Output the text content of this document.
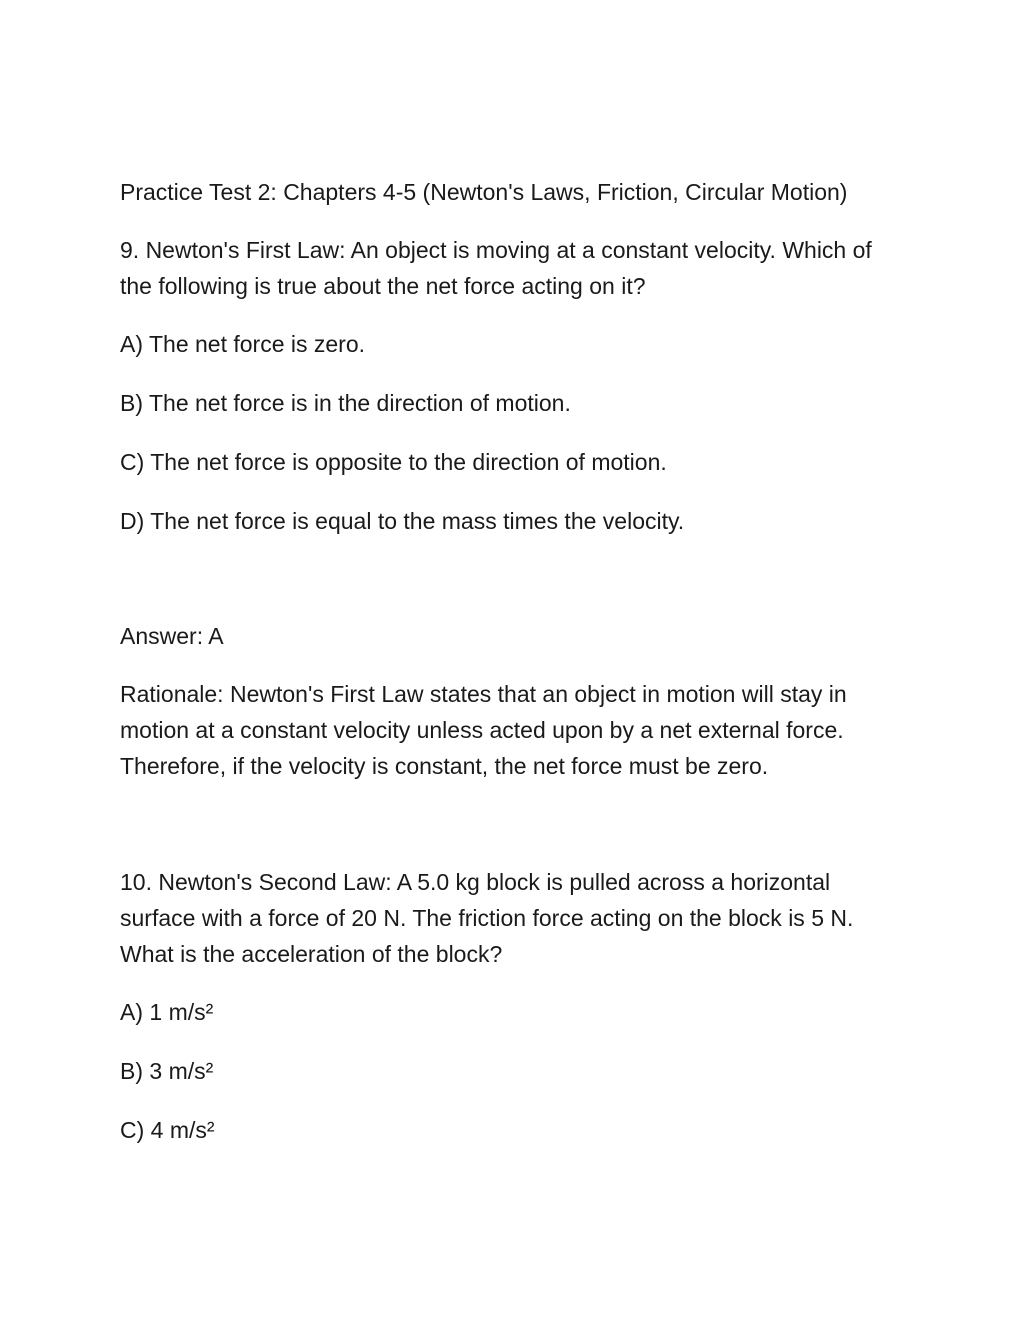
Practice Test 2: Chapters 4-5 (Newton's Laws, Friction, Circular Motion)

9. Newton's First Law: An object is moving at a constant velocity. Which of the following is true about the net force acting on it?

A) The net force is zero.

B) The net force is in the direction of motion.

C) The net force is opposite to the direction of motion.

D) The net force is equal to the mass times the velocity.

Answer: A

Rationale: Newton's First Law states that an object in motion will stay in motion at a constant velocity unless acted upon by a net external force. Therefore, if the velocity is constant, the net force must be zero.

10. Newton's Second Law: A 5.0 kg block is pulled across a horizontal surface with a force of 20 N. The friction force acting on the block is 5 N. What is the acceleration of the block?

A) 1 m/s²

B) 3 m/s²

C) 4 m/s²
